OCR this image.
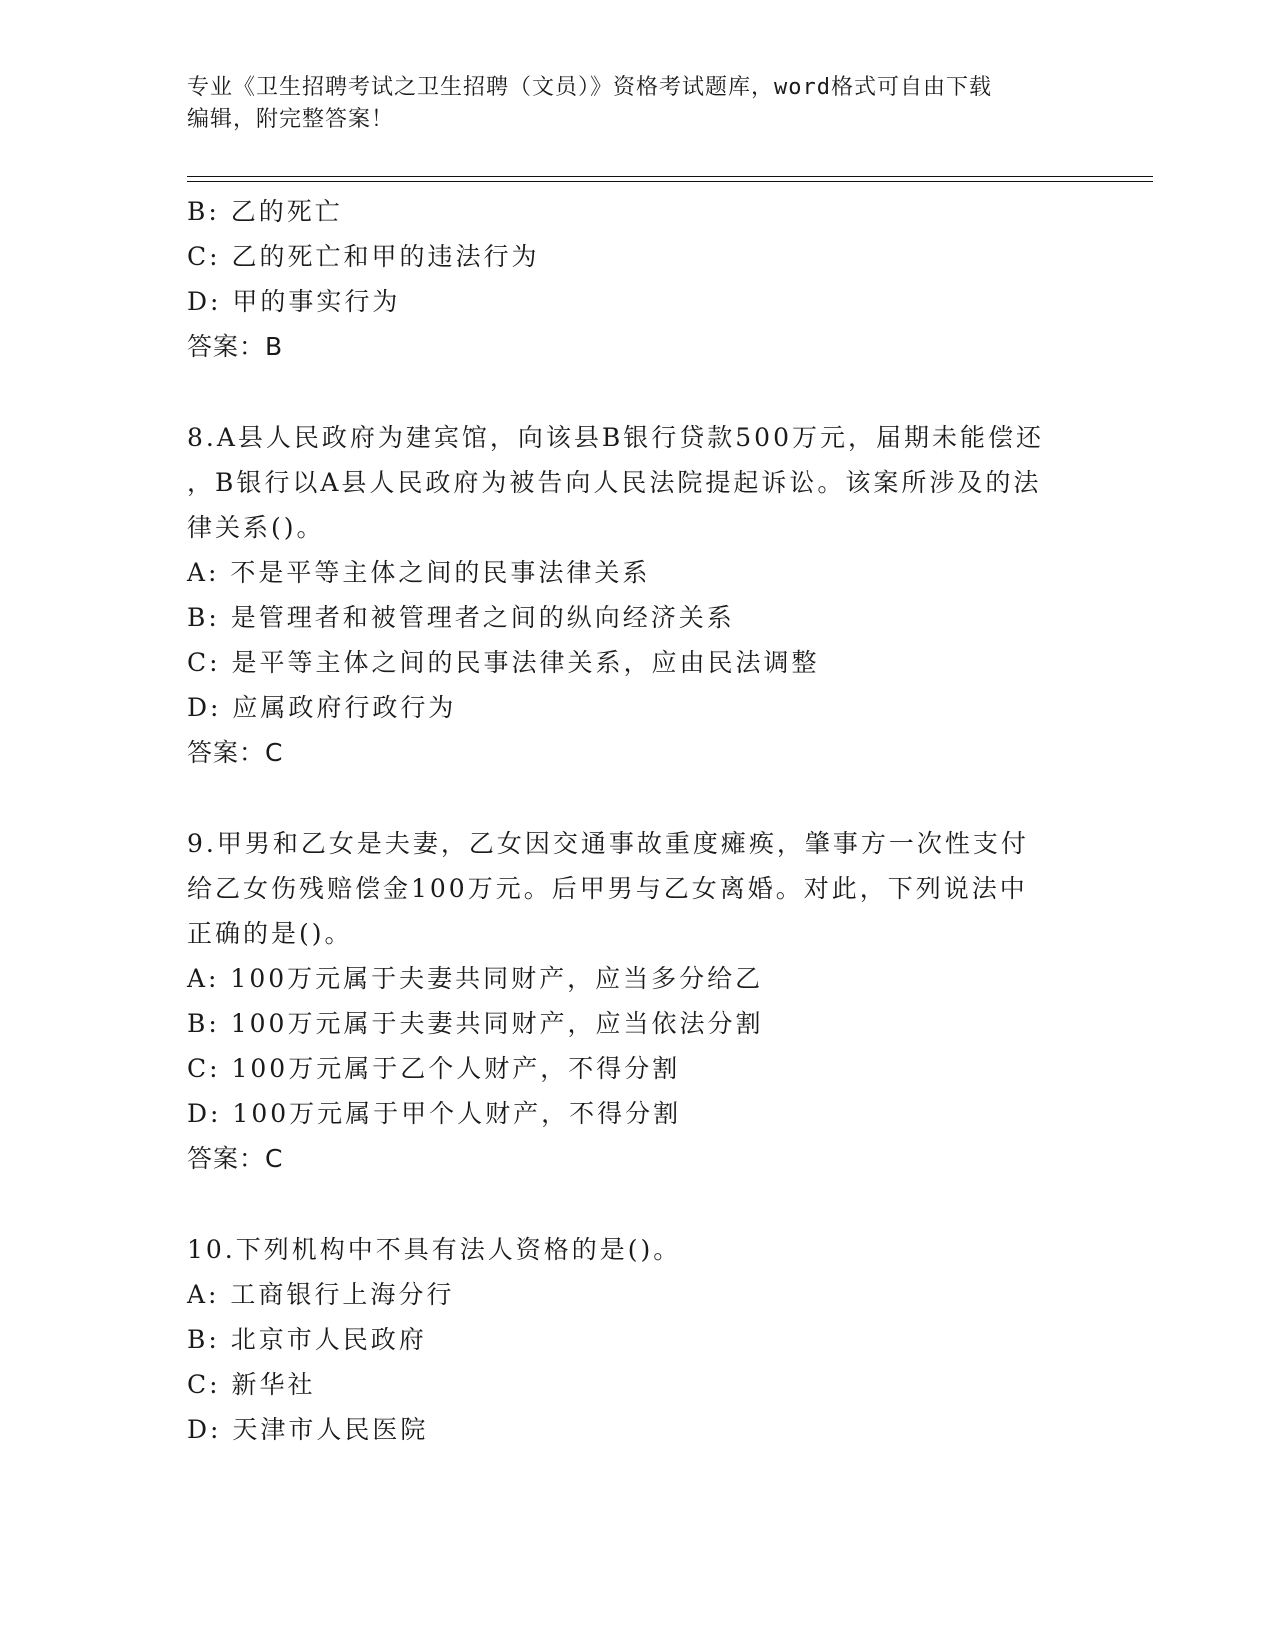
专业《卫生招聘考试之卫生招聘（文员）》资格考试题库，word格式可自由下载
编辑，附完整答案！
B: 乙的死亡
C: 乙的死亡和甲的违法行为
D: 甲的事实行为
答案：B
8.A县人民政府为建宾馆，向该县B银行贷款500万元，届期未能偿还
，B银行以A县人民政府为被告向人民法院提起诉讼。该案所涉及的法
律关系()。
A: 不是平等主体之间的民事法律关系
B: 是管理者和被管理者之间的纵向经济关系
C: 是平等主体之间的民事法律关系，应由民法调整
D: 应属政府行政行为
答案：C
9.甲男和乙女是夫妻，乙女因交通事故重度瘫痪，肇事方一次性支付
给乙女伤残赔偿金100万元。后甲男与乙女离婚。对此，下列说法中
正确的是()。
A: 100万元属于夫妻共同财产，应当多分给乙
B: 100万元属于夫妻共同财产，应当依法分割
C: 100万元属于乙个人财产，不得分割
D: 100万元属于甲个人财产，不得分割
答案：C
10.下列机构中不具有法人资格的是()。
A: 工商银行上海分行
B: 北京市人民政府
C: 新华社
D: 天津市人民医院
